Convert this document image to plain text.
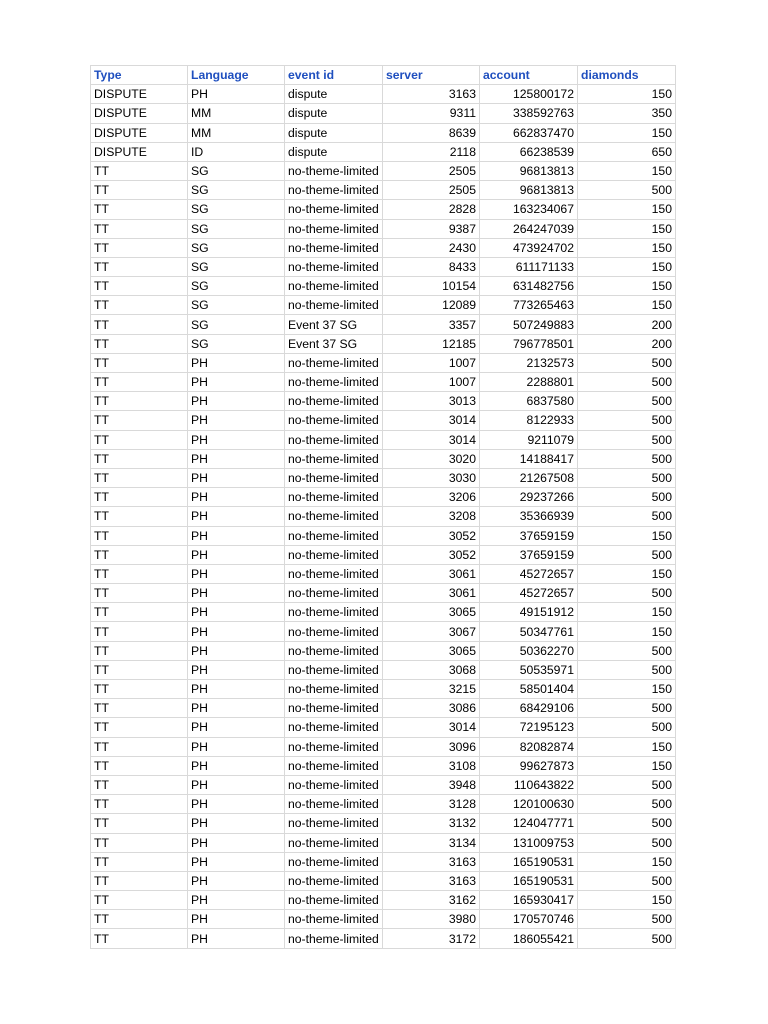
Type	Language	event id	server	account	diamonds
DISPUTE	PH	dispute	3163	125800172	150
DISPUTE	MM	dispute	9311	338592763	350
DISPUTE	MM	dispute	8639	662837470	150
DISPUTE	ID	dispute	2118	66238539	650
TT	SG	no-theme-limited	2505	96813813	150
TT	SG	no-theme-limited	2505	96813813	500
TT	SG	no-theme-limited	2828	163234067	150
TT	SG	no-theme-limited	9387	264247039	150
TT	SG	no-theme-limited	2430	473924702	150
TT	SG	no-theme-limited	8433	611171133	150
TT	SG	no-theme-limited	10154	631482756	150
TT	SG	no-theme-limited	12089	773265463	150
TT	SG	Event 37 SG	3357	507249883	200
TT	SG	Event 37 SG	12185	796778501	200
TT	PH	no-theme-limited	1007	2132573	500
TT	PH	no-theme-limited	1007	2288801	500
TT	PH	no-theme-limited	3013	6837580	500
TT	PH	no-theme-limited	3014	8122933	500
TT	PH	no-theme-limited	3014	9211079	500
TT	PH	no-theme-limited	3020	14188417	500
TT	PH	no-theme-limited	3030	21267508	500
TT	PH	no-theme-limited	3206	29237266	500
TT	PH	no-theme-limited	3208	35366939	500
TT	PH	no-theme-limited	3052	37659159	150
TT	PH	no-theme-limited	3052	37659159	500
TT	PH	no-theme-limited	3061	45272657	150
TT	PH	no-theme-limited	3061	45272657	500
TT	PH	no-theme-limited	3065	49151912	150
TT	PH	no-theme-limited	3067	50347761	150
TT	PH	no-theme-limited	3065	50362270	500
TT	PH	no-theme-limited	3068	50535971	500
TT	PH	no-theme-limited	3215	58501404	150
TT	PH	no-theme-limited	3086	68429106	500
TT	PH	no-theme-limited	3014	72195123	500
TT	PH	no-theme-limited	3096	82082874	150
TT	PH	no-theme-limited	3108	99627873	150
TT	PH	no-theme-limited	3948	110643822	500
TT	PH	no-theme-limited	3128	120100630	500
TT	PH	no-theme-limited	3132	124047771	500
TT	PH	no-theme-limited	3134	131009753	500
TT	PH	no-theme-limited	3163	165190531	150
TT	PH	no-theme-limited	3163	165190531	500
TT	PH	no-theme-limited	3162	165930417	150
TT	PH	no-theme-limited	3980	170570746	500
TT	PH	no-theme-limited	3172	186055421	500
